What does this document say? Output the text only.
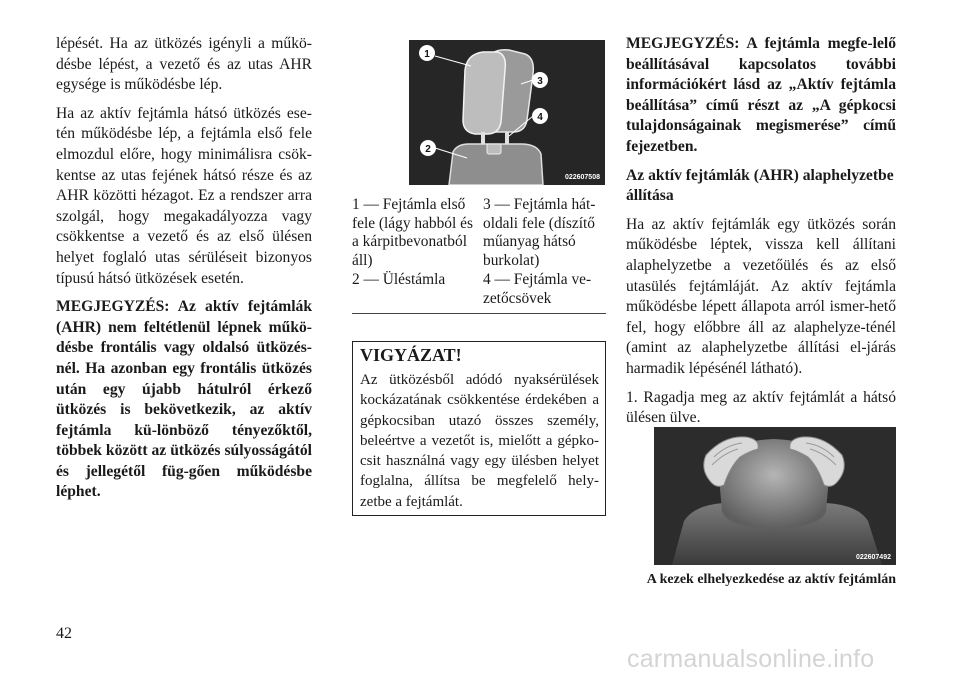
lépését. Ha az ütközés igényli a műkö-désbe lépést, a vezető és az utas AHR egysége is működésbe lép.

Ha az aktív fejtámla hátsó ütközés ese-tén működésbe lép, a fejtámla első fele elmozdul előre, hogy minimálisra csök-kentse az utas fejének hátsó része és az AHR közötti hézagot. Ez a rendszer arra szolgál, hogy megakadályozza vagy csökkentse a vezető és az első ülésen helyet foglaló utas sérüléseit bizonyos típusú hátsó ütközések esetén.

MEGJEGYZÉS: Az aktív fejtámlák (AHR) nem feltétlenül lépnek műkö-désbe frontális vagy oldalsó ütközés-nél. Ha azonban egy frontális ütközés után egy újabb hátulról érkező ütközés is bekövetkezik, az aktív fejtámla kü-lönböző tényezőktől, többek között az ütközés súlyosságától és jellegétől füg-gően működésbe léphet.

1
2
3
4
022607508
1 — Fejtámla első fele (lágy habból és a kárpitbevonatból áll)
2 — Üléstámla
3 — Fejtámla hát-oldali fele (díszítő műanyag hátsó burkolat)
4 — Fejtámla ve-zetőcsövek

VIGYÁZAT!

Az ütközésből adódó nyaksérülések kockázatának csökkentése érdekében a gépkocsiban utazó összes személy, beleértve a vezetőt is, mielőtt a gépko-csit használná vagy egy ülésben helyet foglalna, állítsa be megfelelő hely-zetbe a fejtámlát.

MEGJEGYZÉS: A fejtámla megfe-lelő beállításával kapcsolatos további információkért lásd az „Aktív fejtámla beállítása” című részt az „A gépkocsi tulajdonságainak megismerése” című fejezetben.

Az aktív fejtámlák (AHR) alaphelyzetbe állítása

Ha az aktív fejtámlák egy ütközés során működésbe léptek, vissza kell állítani alaphelyzetbe a vezetőülés és az első utasülés fejtámláját. Az aktív fejtámla működésbe lépett állapota arról ismer-hető fel, hogy előbbre áll az alaphelyze-ténél (amint az alaphelyzetbe állítási el-járás harmadik lépésénél látható).

1. Ragadja meg az aktív fejtámlát a hátsó ülésen ülve.

022607492
A kezek elhelyezkedése az aktív fejtámlán
42
carmanualsonline.info
